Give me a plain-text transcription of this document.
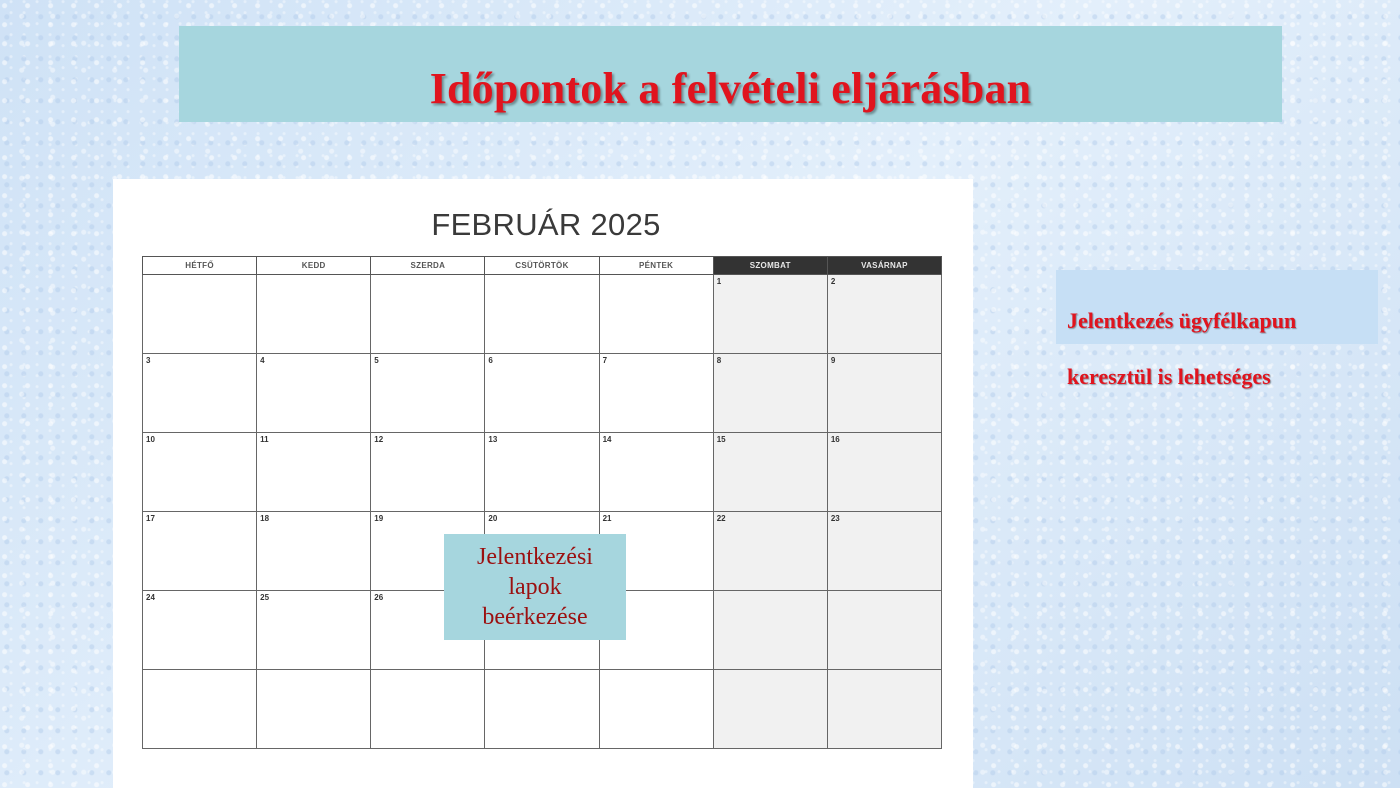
Időpontok a felvételi eljárásban
FEBRUÁR 2025
HÉTFŐ	KEDD	SZERDA	CSÜTÖRTÖK	PÉNTEK	SZOMBAT	VASÁRNAP
					1	2
3	4	5	6	7	8	9
10	11	12	13	14	15	16
17	18	19	20	21	22	23
24	25	26				

Jelentkezési
lapok
beérkezése

Jelentkezés ügyfélkapun

keresztül is lehetséges
